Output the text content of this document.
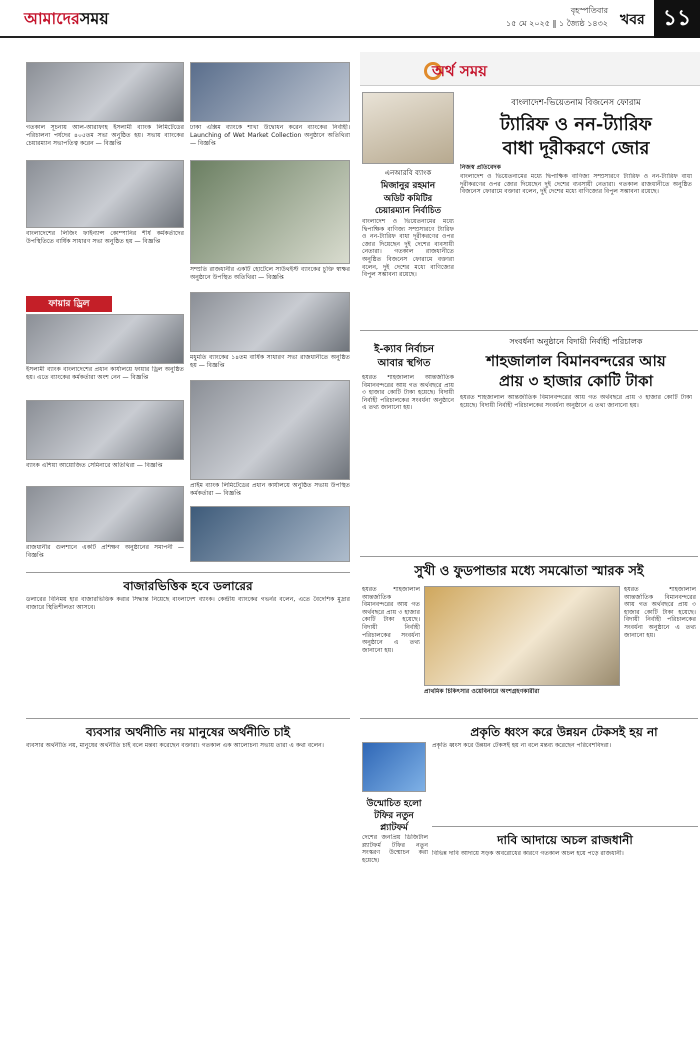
আমাদেরসময়	বৃহস্পতিবার
১৫ মে ২০২৫ ‖ ১ জ্যৈষ্ঠ ১৪৩২ খবর ১১
গতকাল সূচনায় আল-আরাফাহ ইসলামী ব্যাংক লিমিটেডের পরিচালনা পর্ষদের ৪০৫তম সভা অনুষ্ঠিত হয়। সভায় ব্যাংকের চেয়ারম্যান সভাপতিত্ব করেন — বিজ্ঞপ্তি
ঢাকা এক্সিম ব্যাংকে শাখা উদ্বোধন করেন ব্যাংকের নির্বাহী। Launching of Wet Market Collection অনুষ্ঠানে অতিথিরা — বিজ্ঞপ্তি
বাংলাদেশের লিজিং ফাইন্যান্স কোম্পানির শীর্ষ কর্মকর্তাদের উপস্থিতিতে বার্ষিক সাধারণ সভা অনুষ্ঠিত হয় — বিজ্ঞপ্তি
সম্প্রতি রাজধানীর একটি হোটেলে সাউথইস্ট ব্যাংকের চুক্তি স্বাক্ষর অনুষ্ঠানে উপস্থিত অতিথিরা — বিজ্ঞপ্তি
ফায়ার ড্রিল
ইসলামী ব্যাংক বাংলাদেশের প্রধান কার্যালয়ে ফায়ার ড্রিল অনুষ্ঠিত হয়। এতে ব্যাংকের কর্মকর্তারা অংশ নেন — বিজ্ঞপ্তি
মধুমতি ব্যাংকের ১৪তম বার্ষিক সাধারণ সভা রাজধানীতে অনুষ্ঠিত হয় — বিজ্ঞপ্তি
ব্যাংক এশিয়া আয়োজিত সেমিনারে অতিথিরা — বিজ্ঞপ্তি
প্রাইম ব্যাংক লিমিটেডের প্রধান কার্যালয়ে অনুষ্ঠিত সভায় উপস্থিত কর্মকর্তারা — বিজ্ঞপ্তি
রাজধানীর গুলশানে একটি প্রশিক্ষণ অনুষ্ঠানের সমাপনী — বিজ্ঞপ্তি
অর্থ সময়
এনআরবি ব্যাংক
মিজানুর রহমান
অডিট কমিটির
চেয়ারম্যান নির্বাচিত
বাংলাদেশ-ভিয়েতনাম বিজনেস ফোরাম
ট্যারিফ ও নন-ট্যারিফ
বাধা দূরীকরণে জোর
নিজস্ব প্রতিবেদক
বাংলাদেশ ও ভিয়েতনামের মধ্যে দ্বিপাক্ষিক বাণিজ্য সম্প্রসারণে ট্যারিফ ও নন-ট্যারিফ বাধা দূরীকরণের ওপর জোর দিয়েছেন দুই দেশের ব্যবসায়ী নেতারা। গতকাল রাজধানীতে অনুষ্ঠিত বিজনেস ফোরামে বক্তারা বলেন, দুই দেশের মধ্যে বাণিজ্যের বিপুল সম্ভাবনা রয়েছে।
বাংলাদেশ ও ভিয়েতনামের মধ্যে দ্বিপাক্ষিক বাণিজ্য সম্প্রসারণে ট্যারিফ ও নন-ট্যারিফ বাধা দূরীকরণের ওপর জোর দিয়েছেন দুই দেশের ব্যবসায়ী নেতারা। গতকাল রাজধানীতে অনুষ্ঠিত বিজনেস ফোরামে বক্তারা বলেন, দুই দেশের মধ্যে বাণিজ্যের বিপুল সম্ভাবনা রয়েছে।
ই-ক্যাব নির্বাচন
আবার স্থগিত
সংবর্ধনা অনুষ্ঠানে বিদায়ী নির্বাহী পরিচালক
শাহজালাল বিমানবন্দরের আয়
প্রায় ৩ হাজার কোটি টাকা
হযরত শাহজালাল আন্তর্জাতিক বিমানবন্দরের আয় গত অর্থবছরে প্রায় ৩ হাজার কোটি টাকা হয়েছে। বিদায়ী নির্বাহী পরিচালকের সংবর্ধনা অনুষ্ঠানে এ তথ্য জানানো হয়।
হযরত শাহজালাল আন্তর্জাতিক বিমানবন্দরের আয় গত অর্থবছরে প্রায় ৩ হাজার কোটি টাকা হয়েছে। বিদায়ী নির্বাহী পরিচালকের সংবর্ধনা অনুষ্ঠানে এ তথ্য জানানো হয়।
সুখী ও ফুডপান্ডার মধ্যে সমঝোতা স্মারক সই
প্রাথমিক চিকিৎসার ওয়েবিনারে অংশগ্রহণকারীরা
হযরত শাহজালাল আন্তর্জাতিক বিমানবন্দরের আয় গত অর্থবছরে প্রায় ৩ হাজার কোটি টাকা হয়েছে। বিদায়ী নির্বাহী পরিচালকের সংবর্ধনা অনুষ্ঠানে এ তথ্য জানানো হয়।
হযরত শাহজালাল আন্তর্জাতিক বিমানবন্দরের আয় গত অর্থবছরে প্রায় ৩ হাজার কোটি টাকা হয়েছে। বিদায়ী নির্বাহী পরিচালকের সংবর্ধনা অনুষ্ঠানে এ তথ্য জানানো হয়।
বাজারভিত্তিক হবে ডলারের
ডলারের বিনিময় হার বাজারভিত্তিক করার সিদ্ধান্ত নিয়েছে বাংলাদেশ ব্যাংক। কেন্দ্রীয় ব্যাংকের গভর্নর বলেন, এতে বৈদেশিক মুদ্রার বাজারে স্থিতিশীলতা আসবে।
ব্যবসার অর্থনীতি নয় মানুষের অর্থনীতি চাই
ব্যবসার অর্থনীতি নয়, মানুষের অর্থনীতি চাই বলে মন্তব্য করেছেন বক্তারা। গতকাল এক আলোচনা সভায় তারা এ কথা বলেন।
প্রকৃতি ধ্বংস করে উন্নয়ন টেকসই হয় না
উন্মোচিত হলো
টফির নতুন
প্ল্যাটফর্ম
দেশের জনপ্রিয় ডিজিটাল প্ল্যাটফর্ম টফির নতুন সংস্করণ উন্মোচন করা হয়েছে।
প্রকৃতি ধ্বংস করে উন্নয়ন টেকসই হয় না বলে মন্তব্য করেছেন পরিবেশবিদরা।
দাবি আদায়ে অচল রাজধানী
বিভিন্ন দাবি আদায়ে সড়ক অবরোধের কারণে গতকাল অচল হয়ে পড়ে রাজধানী।
